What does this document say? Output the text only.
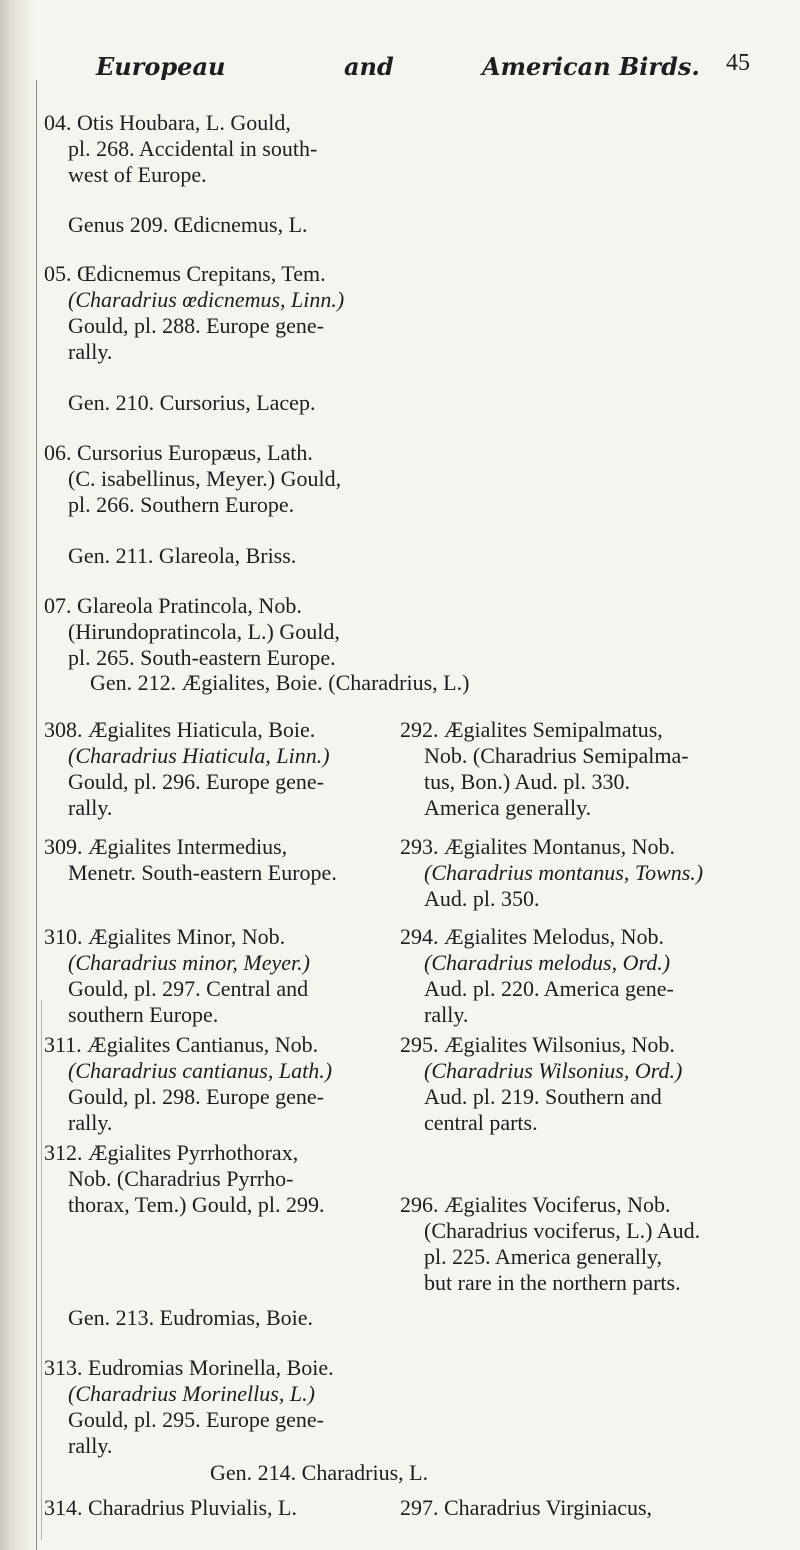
Europeau	and	American Birds. 45
04. Otis Houbara, L. Gould,
pl. 268. Accidental in south-
west of Europe.
Genus 209. Œdicnemus, L.
05. Œdicnemus Crepitans, Tem.
(Charadrius œdicnemus, Linn.)
Gould, pl. 288. Europe gene-
rally.
Gen. 210. Cursorius, Lacep.
06. Cursorius Europæus, Lath.
(C. isabellinus, Meyer.) Gould,
pl. 266. Southern Europe.
Gen. 211. Glareola, Briss.
07. Glareola Pratincola, Nob.
(Hirundopratincola, L.) Gould,
pl. 265. South-eastern Europe.
Gen. 212. Ægialites, Boie. (Charadrius, L.)
308. Ægialites Hiaticula, Boie.
(Charadrius Hiaticula, Linn.)
Gould, pl. 296. Europe gene-
rally.
309. Ægialites Intermedius,
Menetr. South-eastern Europe.
310. Ægialites Minor, Nob.
(Charadrius minor, Meyer.)
Gould, pl. 297. Central and
southern Europe.
311. Ægialites Cantianus, Nob.
(Charadrius cantianus, Lath.)
Gould, pl. 298. Europe gene-
rally.
312. Ægialites Pyrrhothorax,
Nob. (Charadrius Pyrrho-
thorax, Tem.) Gould, pl. 299.
Gen. 213. Eudromias, Boie.
313. Eudromias Morinella, Boie.
(Charadrius Morinellus, L.)
Gould, pl. 295. Europe gene-
rally.
Gen. 214. Charadrius, L.
314. Charadrius Pluvialis, L.
292. Ægialites Semipalmatus,
Nob. (Charadrius Semipalma-
tus, Bon.) Aud. pl. 330.
America generally.
293. Ægialites Montanus, Nob.
(Charadrius montanus, Towns.)
Aud. pl. 350.
294. Ægialites Melodus, Nob.
(Charadrius melodus, Ord.)
Aud. pl. 220. America gene-
rally.
295. Ægialites Wilsonius, Nob.
(Charadrius Wilsonius, Ord.)
Aud. pl. 219. Southern and
central parts.
296. Ægialites Vociferus, Nob.
(Charadrius vociferus, L.) Aud.
pl. 225. America generally,
but rare in the northern parts.
297. Charadrius Virginiacus,
